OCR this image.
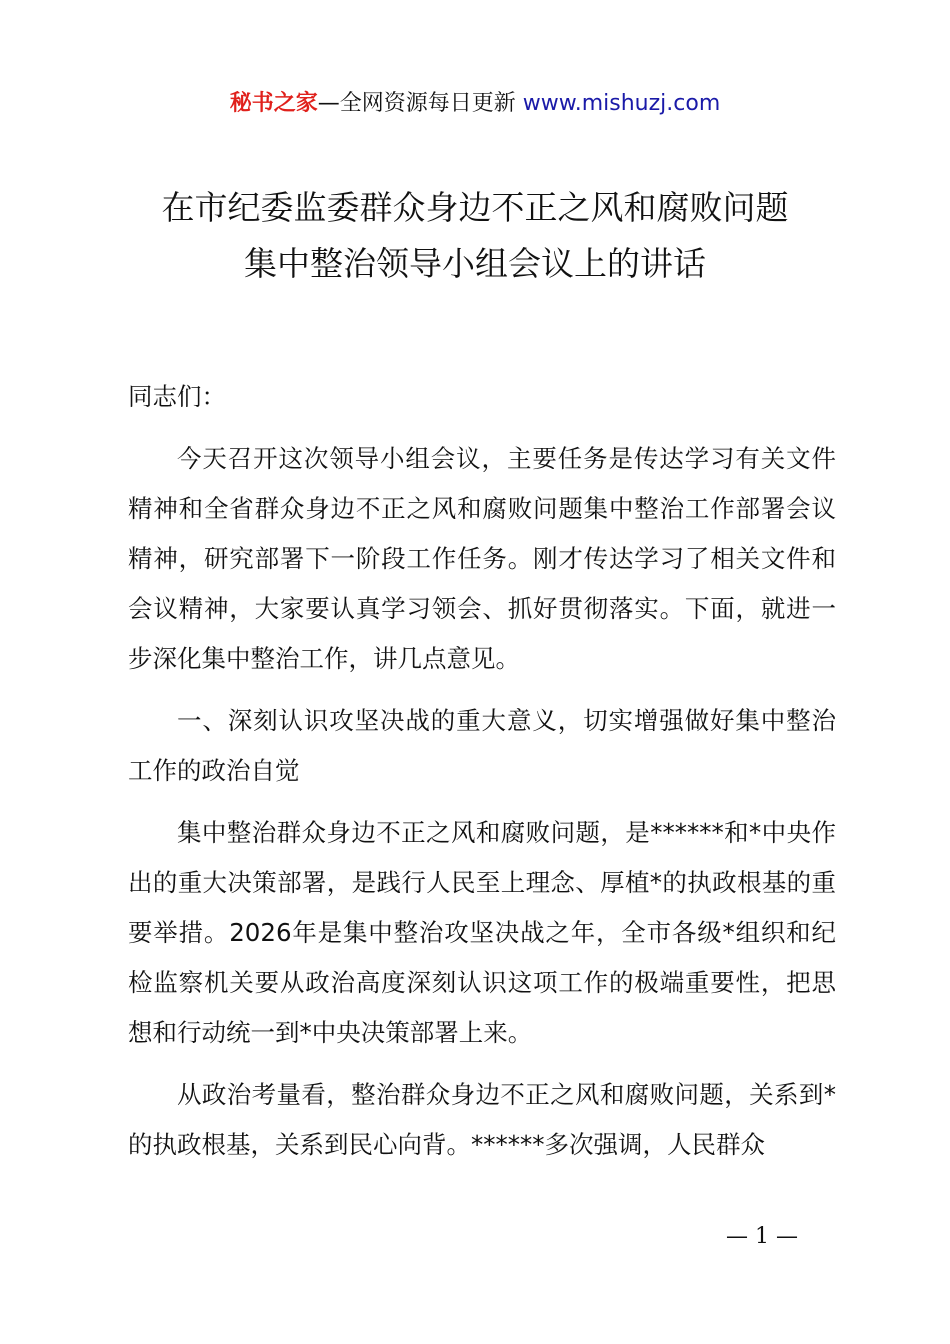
秘书之家—全网资源每日更新 www.mishuzj.com
在市纪委监委群众身边不正之风和腐败问题
集中整治领导小组会议上的讲话

同志们：

今天召开这次领导小组会议，主要任务是传达学习有关文件精神和全省群众身边不正之风和腐败问题集中整治工作部署会议精神，研究部署下一阶段工作任务。刚才传达学习了相关文件和会议精神，大家要认真学习领会、抓好贯彻落实。下面，就进一步深化集中整治工作，讲几点意见。

一、深刻认识攻坚决战的重大意义，切实增强做好集中整治工作的政治自觉

集中整治群众身边不正之风和腐败问题，是******和*中央作出的重大决策部署，是践行人民至上理念、厚植*的执政根基的重要举措。2026年是集中整治攻坚决战之年，全市各级*组织和纪检监察机关要从政治高度深刻认识这项工作的极端重要性，把思想和行动统一到*中央决策部署上来。

从政治考量看，整治群众身边不正之风和腐败问题，关系到*的执政根基，关系到民心向背。******多次强调，人民群众

— 1 —
